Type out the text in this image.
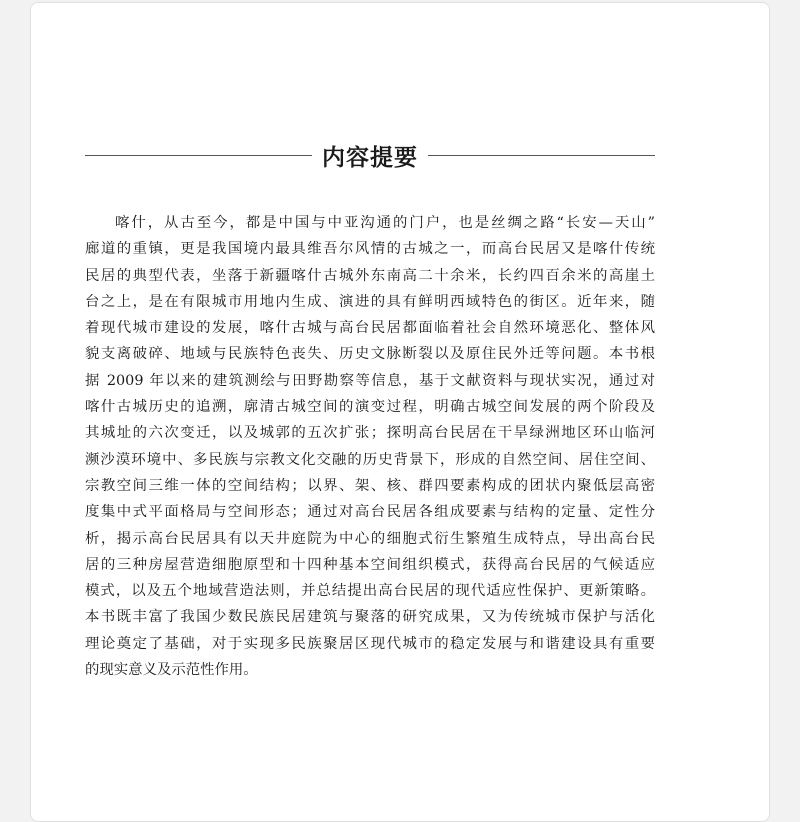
内容提要
喀什，从古至今，都是中国与中亚沟通的门户，也是丝绸之路“长安—天山”
廊道的重镇，更是我国境内最具维吾尔风情的古城之一，而高台民居又是喀什传统
民居的典型代表，坐落于新疆喀什古城外东南高二十余米，长约四百余米的高崖土
台之上，是在有限城市用地内生成、演进的具有鲜明西域特色的街区。近年来，随
着现代城市建设的发展，喀什古城与高台民居都面临着社会自然环境恶化、整体风
貌支离破碎、地域与民族特色丧失、历史文脉断裂以及原住民外迁等问题。本书根
据 2009 年以来的建筑测绘与田野勘察等信息，基于文献资料与现状实况，通过对
喀什古城历史的追溯，廓清古城空间的演变过程，明确古城空间发展的两个阶段及
其城址的六次变迁，以及城郭的五次扩张；探明高台民居在干旱绿洲地区环山临河
濒沙漠环境中、多民族与宗教文化交融的历史背景下，形成的自然空间、居住空间、
宗教空间三维一体的空间结构；以界、架、核、群四要素构成的团状内聚低层高密
度集中式平面格局与空间形态；通过对高台民居各组成要素与结构的定量、定性分
析，揭示高台民居具有以天井庭院为中心的细胞式衍生繁殖生成特点，导出高台民
居的三种房屋营造细胞原型和十四种基本空间组织模式，获得高台民居的气候适应
模式，以及五个地域营造法则，并总结提出高台民居的现代适应性保护、更新策略。
本书既丰富了我国少数民族民居建筑与聚落的研究成果，又为传统城市保护与活化
理论奠定了基础，对于实现多民族聚居区现代城市的稳定发展与和谐建设具有重要
的现实意义及示范性作用。
